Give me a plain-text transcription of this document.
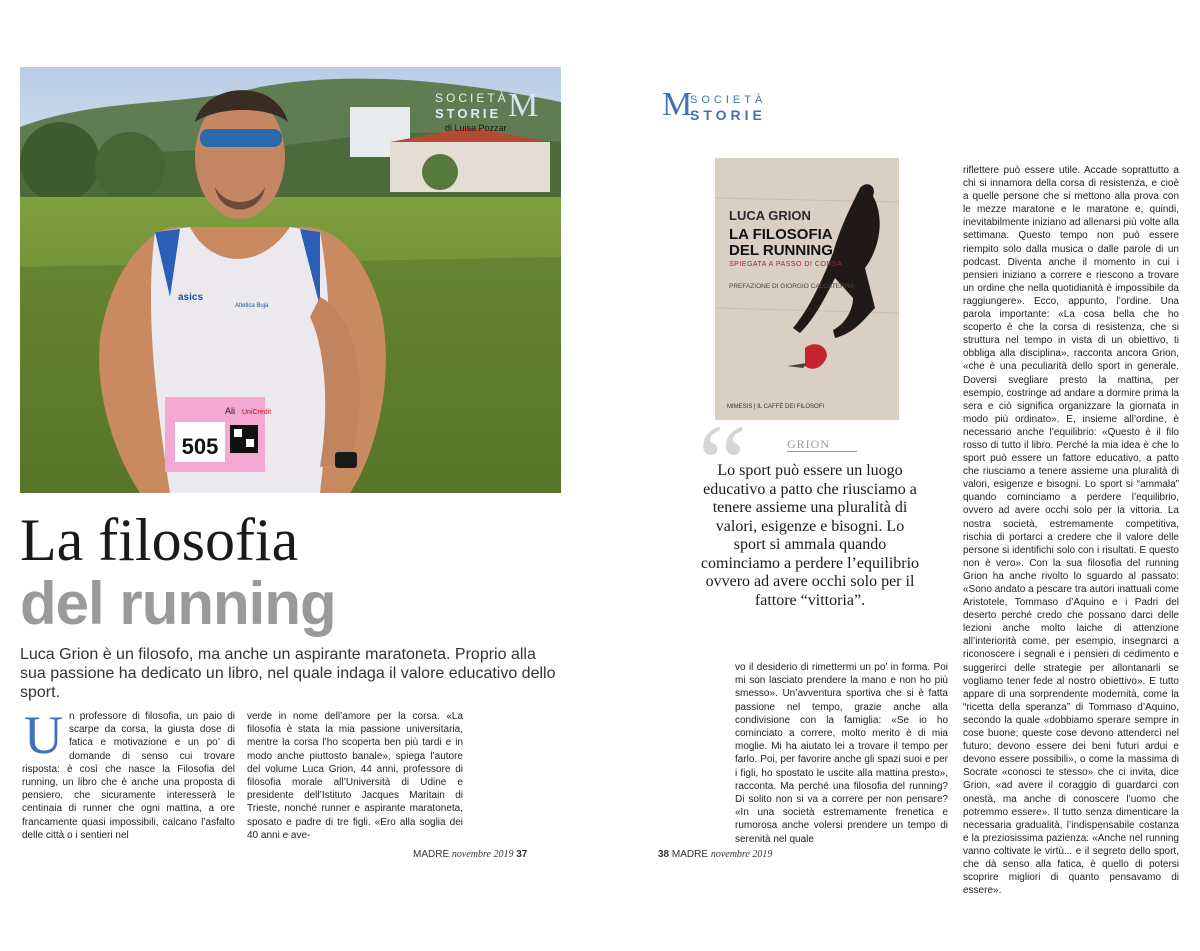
505
Ali UniCredit
asics
Atletica Buja
M
SOCIETÀ
STORIE
di Luisa Pozzar
La filosofia
del running
Luca Grion è un filosofo, ma anche un aspirante maratoneta. Proprio alla sua passione ha dedicato un libro, nel quale indaga il valore educativo dello sport.
U n professore di filosofia, un paio di scarpe da corsa, la giusta dose di fatica e motivazione e un po’ di domande di senso cui trovare risposta: è così che nasce la Filosofia del running, un libro che è anche una proposta di pensiero, che sicuramente interesserà le centinaia di runner che ogni mattina, a ore francamente quasi impossibili, calcano l’asfalto delle città o i sentieri nel

verde in nome dell’amore per la corsa. «La filosofia è stata la mia passione universitaria, mentre la corsa l’ho scoperta ben più tardi e in modo anche piuttosto banale», spiega l’autore del volume Luca Grion, 44 anni, professore di filosofia morale all’Università di Udine e presidente dell’Istituto Jacques Maritain di Trieste, nonché runner e aspirante maratoneta, sposato e padre di tre figli. «Ero alla soglia dei 40 anni e ave-

MADRE novembre 2019 37
M
SOCIETÀ
STORIE
LUCA GRION
LA FILOSOFIA
DEL RUNNING
SPIEGATA A PASSO DI CORSA
PREFAZIONE DI GIORGIO CALCATERRA
MIMESIS | IL CAFFÈ DEI FILOSOFI
“	GRION
Lo sport può essere un luogo educativo a patto che riusciamo a tenere assieme una pluralità di valori, esigenze e bisogni. Lo sport si ammala quando cominciamo a perdere l’equilibrio ovvero ad avere occhi solo per il fattore “vittoria”.

vo il desiderio di rimettermi un po’ in forma. Poi mi son lasciato prendere la mano e non ho più smesso». Un’avventura sportiva che si è fatta passione nel tempo, grazie anche alla condivisione con la famiglia: «Se io ho cominciato a correre, molto merito è di mia moglie. Mi ha aiutato lei a trovare il tempo per farlo. Poi, per favorire anche gli spazi suoi e per i figli, ho spostato le uscite alla mattina presto», racconta. Ma perché una filosofia del running? Di solito non si va a correre per non pensare? «In una società estremamente frenetica e rumorosa anche volersi prendere un tempo di serenità nel quale

riflettere può essere utile. Accade soprattutto a chi si innamora della corsa di resistenza, e cioè a quelle persone che si mettono alla prova con le mezze maratone e le maratone e, quindi, inevitabilmente iniziano ad allenarsi più volte alla settimana. Questo tempo non può essere riempito solo dalla musica o dalle parole di un podcast. Diventa anche il momento in cui i pensieri iniziano a correre e riescono a trovare un ordine che nella quotidianità è impossibile da raggiungere». Ecco, appunto, l’ordine. Una parola importante: «La cosa bella che ho scoperto è che la corsa di resistenza, che si struttura nel tempo in vista di un obiettivo, ti obbliga alla disciplina», racconta ancora Grion, «che è una peculiarità dello sport in generale. Doversi svegliare presto la mattina, per esempio, costringe ad andare a dormire prima la sera e ciò significa organizzare la giornata in modo più ordinato». E, insieme all’ordine, è necessario anche l’equilibrio: «Questo è il filo rosso di tutto il libro. Perché la mia idea è che lo sport può essere un fattore educativo, a patto che riusciamo a tenere assieme una pluralità di valori, esigenze e bisogni. Lo sport si “ammala” quando cominciamo a perdere l’equilibrio, ovvero ad avere occhi solo per la vittoria. La nostra società, estremamente competitiva, rischia di portarci a credere che il valore delle persone si identifichi solo con i risultati. E questo non è vero». Con la sua filosofia del running Grion ha anche rivolto lo sguardo al passato: «Sono andato a pescare tra autori inattuali come Aristotele, Tommaso d’Aquino e i Padri del deserto perché credo che possano darci delle lezioni anche molto laiche di attenzione all’interiorità come, per esempio, insegnarci a riconoscere i segnali e i pensieri di cedimento e suggerirci delle strategie per allontanarli se vogliamo tener fede al nostro obiettivo». E tutto appare di una sorprendente modernità, come la “ricetta della speranza” di Tommaso d’Aquino, secondo la quale «dobbiamo sperare sempre in cose buone; queste cose devono attendercì nel futuro; devono essere dei beni futuri ardui e devono essere possibili», o come la massima di Socrate «conosci te stesso» che ci invita, dice Grion, «ad avere il coraggio di guardarci con onestà, ma anche di conoscere l’uomo che potremmo essere». Il tutto senza dimenticare la necessaria gradualità, l’indispensabile costanza e la preziosissima pazienza: «Anche nel running vanno coltivate le virtù... e il segreto dello sport, che dà senso alla fatica, è quello di potersi scoprire migliori di quanto pensavamo di essere».

38 MADRE novembre 2019
